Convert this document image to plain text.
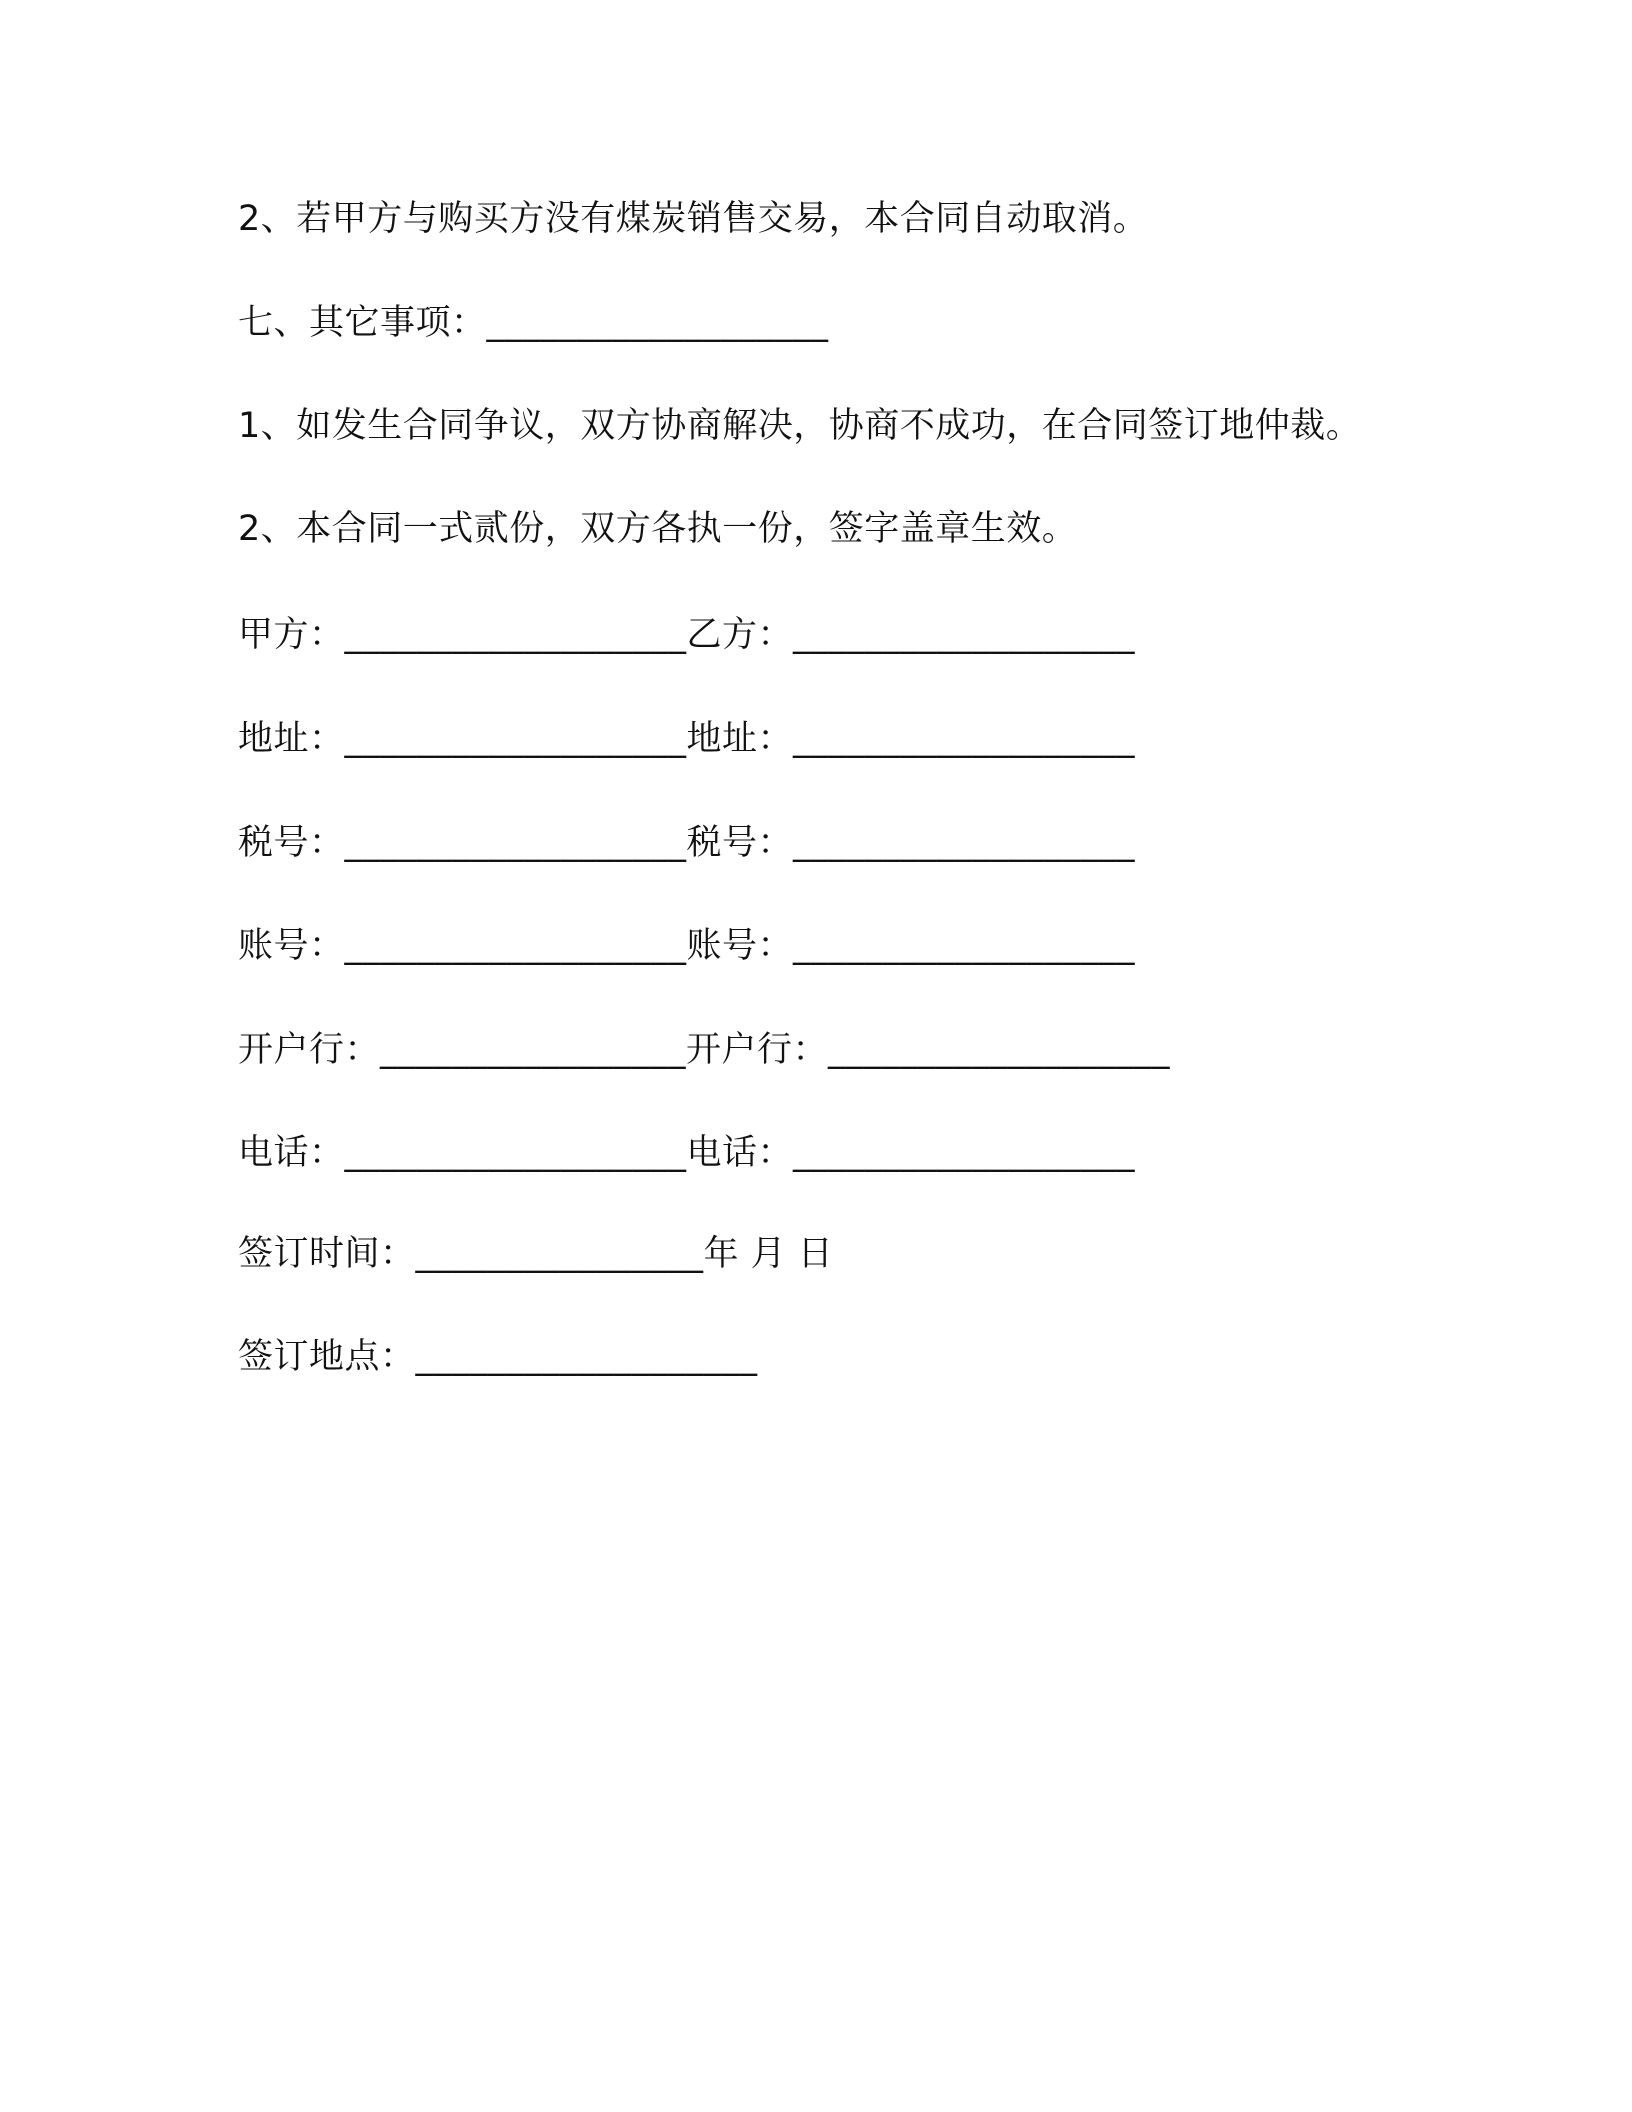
2、若甲方与购买方没有煤炭销售交易，本合同自动取消。
七、其它事项：___________________
1、如发生合同争议，双方协商解决，协商不成功，在合同签订地仲裁。
2、本合同一式贰份，双方各执一份，签字盖章生效。
甲方：___________________乙方：___________________
地址：___________________地址：___________________
税号：___________________税号：___________________
账号：___________________账号：___________________
开户行：_________________开户行：___________________
电话：___________________电话：___________________
签订时间：________________年 月 日
签订地点：___________________
